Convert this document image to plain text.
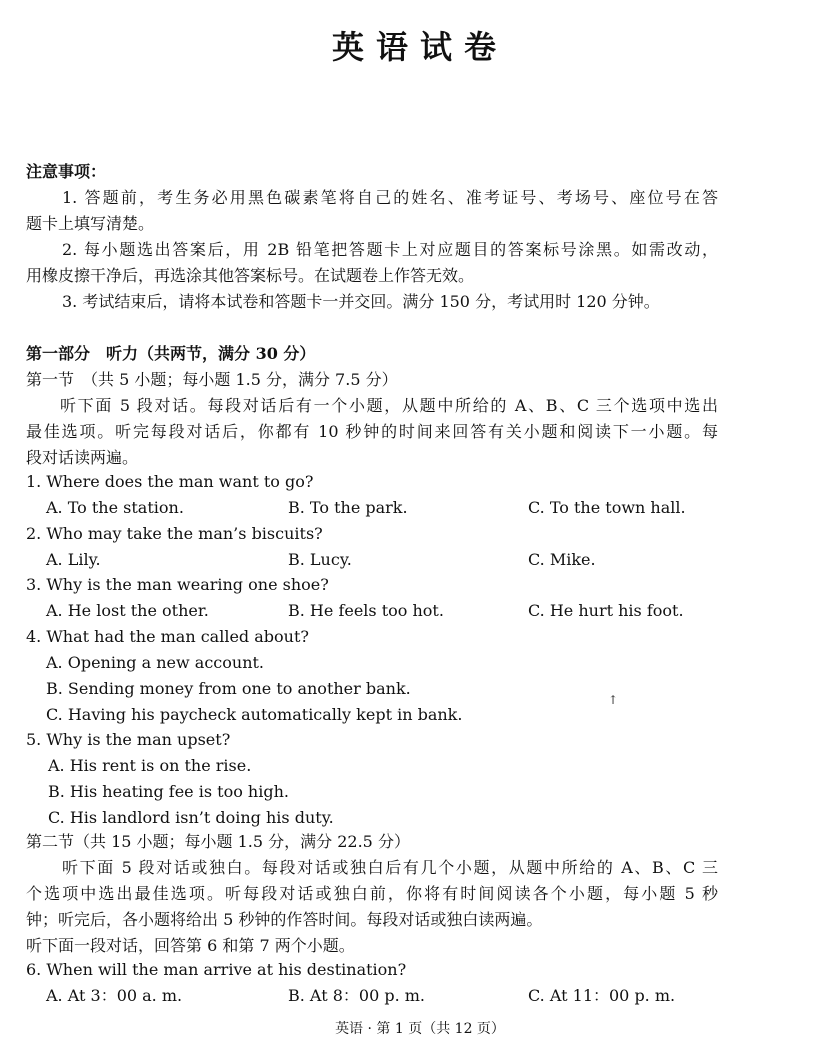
英语试卷
注意事项：
1. 答题前，考生务必用黑色碳素笔将自己的姓名、准考证号、考场号、座位号在答
题卡上填写清楚。
2. 每小题选出答案后，用 2B 铅笔把答题卡上对应题目的答案标号涂黑。如需改动，
用橡皮擦干净后，再选涂其他答案标号。在试题卷上作答无效。
3. 考试结束后，请将本试卷和答题卡一并交回。满分 150 分，考试用时 120 分钟。
第一部分　听力（共两节，满分 30 分）
第一节　（共 5 小题；每小题 1.5 分，满分 7.5 分）
听下面 5 段对话。每段对话后有一个小题，从题中所给的 A、B、C 三个选项中选出
最佳选项。听完每段对话后，你都有 10 秒钟的时间来回答有关小题和阅读下一小题。每
段对话读两遍。
1. Where does the man want to go?
A. To the station.	B. To the park.	C. To the town hall.
2. Who may take the man’s biscuits?
A. Lily.	B. Lucy.	C. Mike.
3. Why is the man wearing one shoe?
A. He lost the other.	B. He feels too hot.	C. He hurt his foot.
4. What had the man called about?
A. Opening a new account.
B. Sending money from one to another bank.
C. Having his paycheck automatically kept in bank.
↑
5. Why is the man upset?
A. His rent is on the rise.
B. His heating fee is too high.
C. His landlord isn’t doing his duty.
第二节（共 15 小题；每小题 1.5 分，满分 22.5 分）
听下面 5 段对话或独白。每段对话或独白后有几个小题，从题中所给的 A、B、C 三
个选项中选出最佳选项。听每段对话或独白前，你将有时间阅读各个小题，每小题 5 秒
钟；听完后，各小题将给出 5 秒钟的作答时间。每段对话或独白读两遍。
听下面一段对话，回答第 6 和第 7 两个小题。
6. When will the man arrive at his destination?
A. At 3：00 a. m.	B. At 8：00 p. m.	C. At 11：00 p. m.
英语 · 第 1 页（共 12 页）
